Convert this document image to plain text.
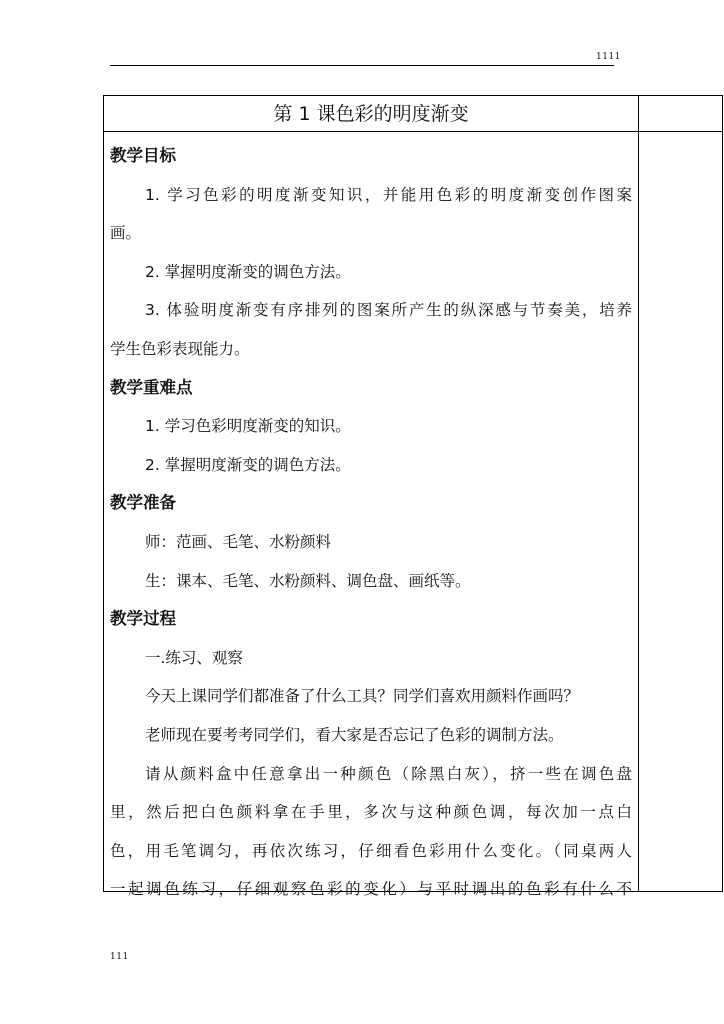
1111
第 1 课色彩的明度渐变
教学目标
1. 学习色彩的明度渐变知识，并能用色彩的明度渐变创作图案
画。
2. 掌握明度渐变的调色方法。
3. 体验明度渐变有序排列的图案所产生的纵深感与节奏美，培养
学生色彩表现能力。
教学重难点
1. 学习色彩明度渐变的知识。
2. 掌握明度渐变的调色方法。
教学准备
师：范画、毛笔、水粉颜料
生：课本、毛笔、水粉颜料、调色盘、画纸等。
教学过程
一.练习、观察
今天上课同学们都准备了什么工具？同学们喜欢用颜料作画吗？
老师现在要考考同学们，看大家是否忘记了色彩的调制方法。
请从颜料盒中任意拿出一种颜色（除黑白灰），挤一些在调色盘
里，然后把白色颜料拿在手里，多次与这种颜色调，每次加一点白
色，用毛笔调匀，再依次练习，仔细看色彩用什么变化。（同桌两人
一起调色练习，仔细观察色彩的变化）与平时调出的色彩有什么不
111
